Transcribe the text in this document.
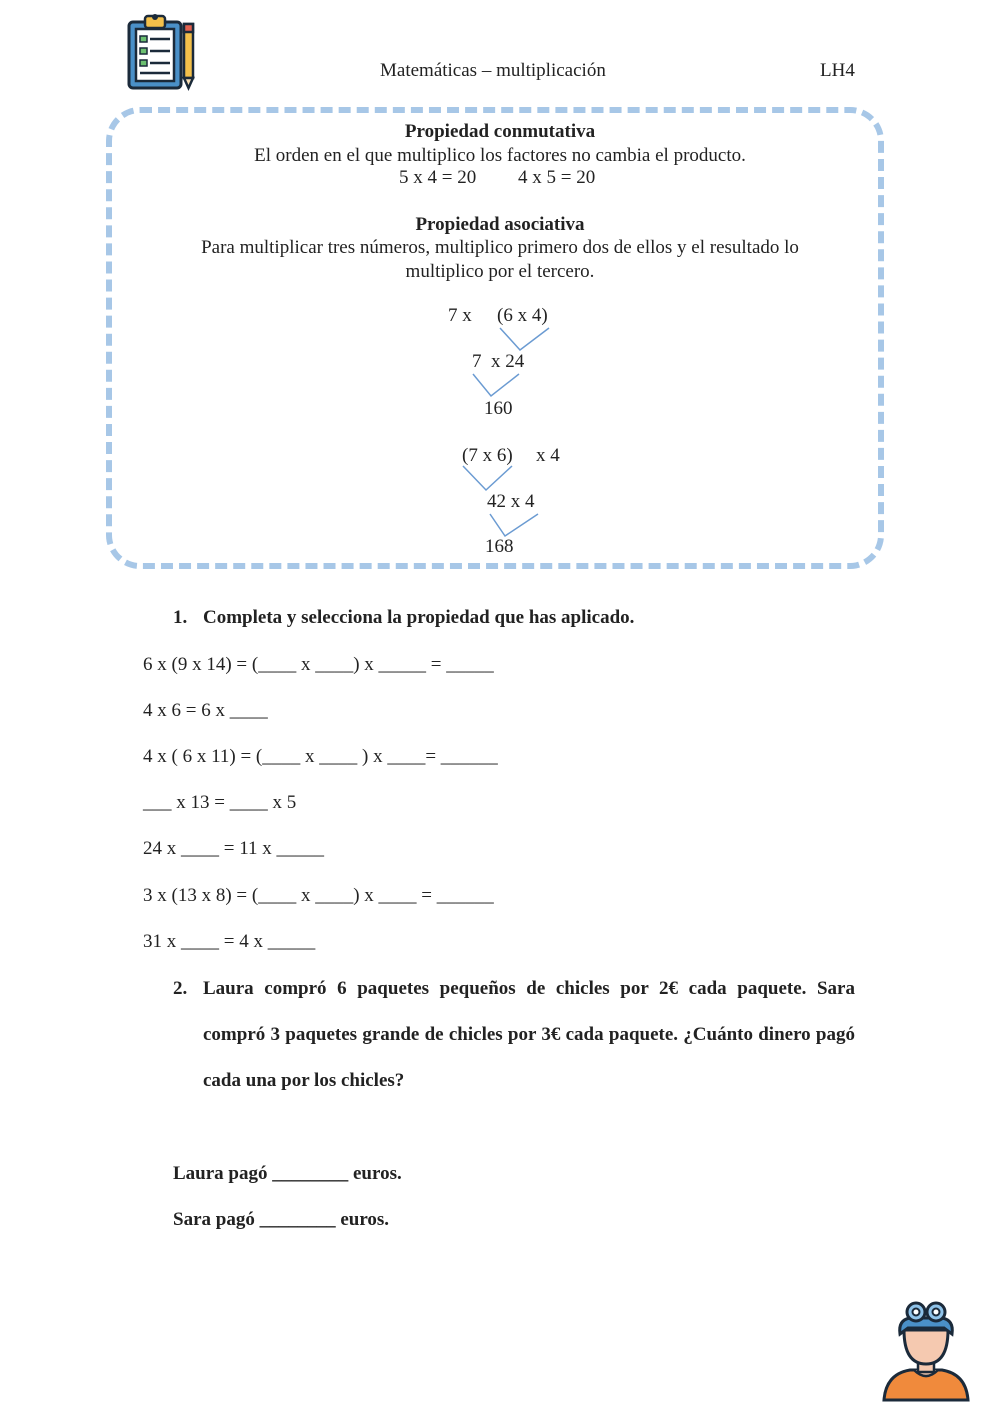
Matemáticas – multiplicación	LH4
Propiedad conmutativa
El orden en el que multiplico los factores no cambia el producto.
5 x 4 = 20 4 x 5 = 20
Propiedad asociativa
Para multiplicar tres números, multiplico primero dos de ellos y el resultado lo
multiplico por el tercero.
7 x (6 x 4)
7  x 24
160
(7 x 6) x 4
42 x 4
168
1. Completa y selecciona la propiedad que has aplicado.
6 x (9 x 14) = (____ x ____) x _____ = _____
4 x 6 = 6 x ____
4 x ( 6 x 11) = (____ x ____ ) x ____= ______
___ x 13 = ____ x 5
24 x ____ = 11 x _____
3 x (13 x 8) = (____ x ____) x ____ = ______
31 x ____ = 4 x _____
2. Laura compró 6 paquetes pequeños de chicles por 2€ cada paquete. Sara compró 3 paquetes grande de chicles por 3€ cada paquete. ¿Cuánto dinero pagó cada una por los chicles?
Laura pagó ________ euros.
Sara pagó ________ euros.
